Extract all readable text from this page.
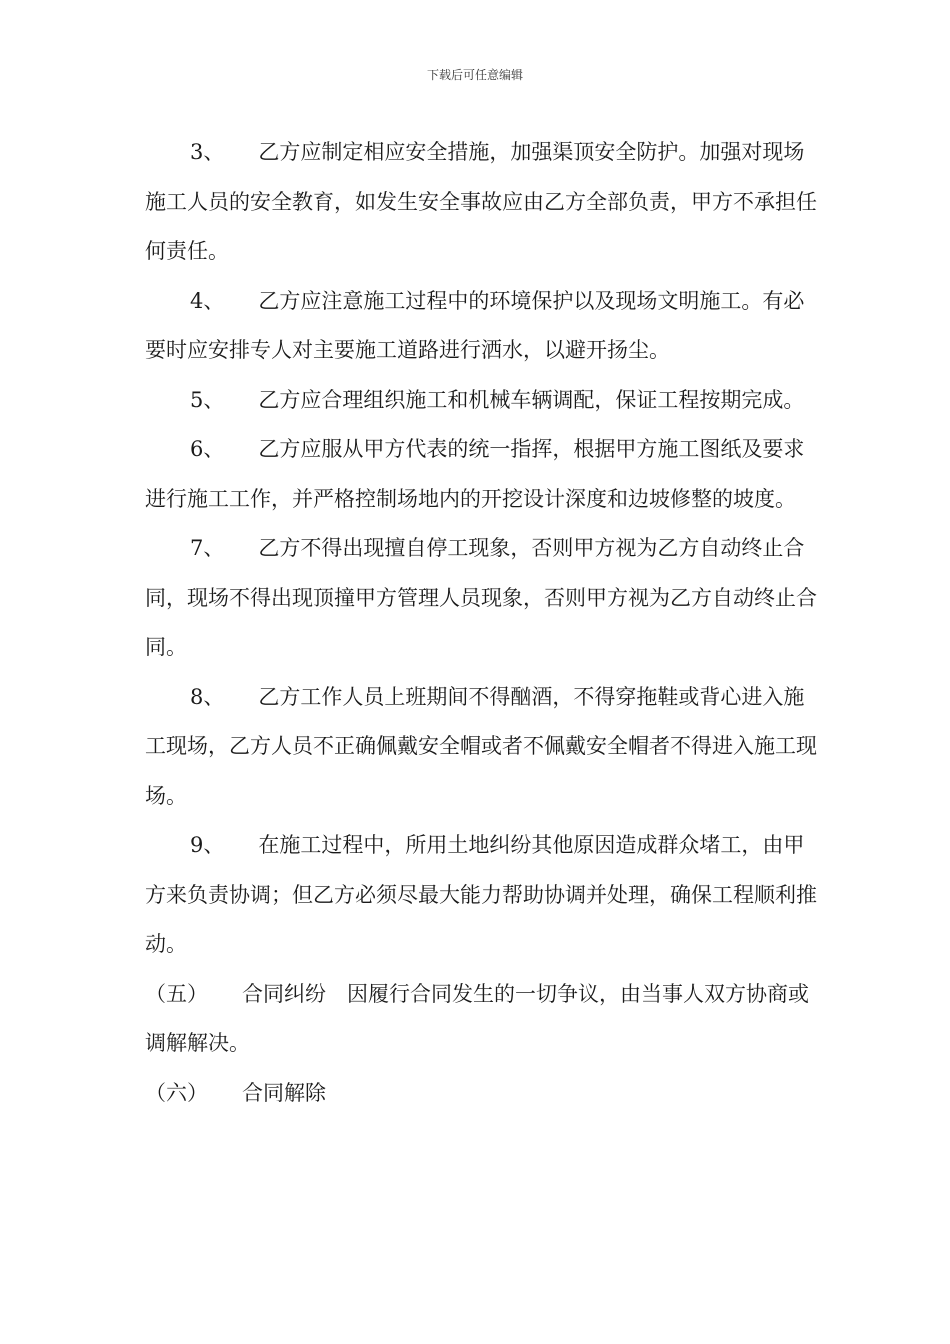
下载后可任意编辑

3、 乙方应制定相应安全措施，加强渠顶安全防护。加强对现场施工人员的安全教育，如发生安全事故应由乙方全部负责，甲方不承担任何责任。

4、 乙方应注意施工过程中的环境保护以及现场文明施工。有必要时应安排专人对主要施工道路进行洒水，以避开扬尘。

5、 乙方应合理组织施工和机械车辆调配，保证工程按期完成。

6、 乙方应服从甲方代表的统一指挥，根据甲方施工图纸及要求进行施工工作，并严格控制场地内的开挖设计深度和边坡修整的坡度。

7、 乙方不得出现擅自停工现象，否则甲方视为乙方自动终止合同，现场不得出现顶撞甲方管理人员现象，否则甲方视为乙方自动终止合同。

8、 乙方工作人员上班期间不得酗酒，不得穿拖鞋或背心进入施工现场，乙方人员不正确佩戴安全帽或者不佩戴安全帽者不得进入施工现场。

9、 在施工过程中，所用土地纠纷其他原因造成群众堵工，由甲方来负责协调；但乙方必须尽最大能力帮助协调并处理，确保工程顺利推动。

（五） 合同纠纷 因履行合同发生的一切争议，由当事人双方协商或调解解决。

（六） 合同解除
